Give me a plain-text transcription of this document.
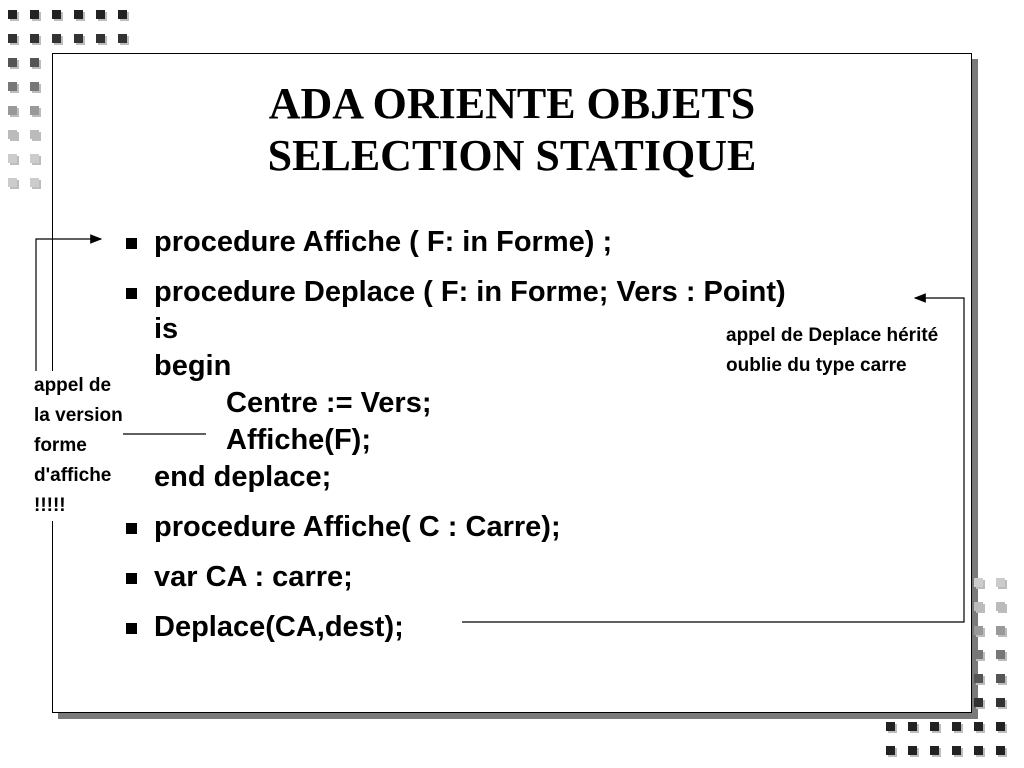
ADA ORIENTE OBJETS
SELECTION STATIQUE
procedure Affiche ( F: in Forme) ;
procedure Deplace ( F: in Forme; Vers : Point)
is
begin
Centre := Vers;
Affiche(F);
end deplace;
procedure Affiche( C : Carre);
var CA : carre;
Deplace(CA,dest);
appel de Deplace hérité
oublie du type carre
appel de
la version
forme
d'affiche
!!!!!
